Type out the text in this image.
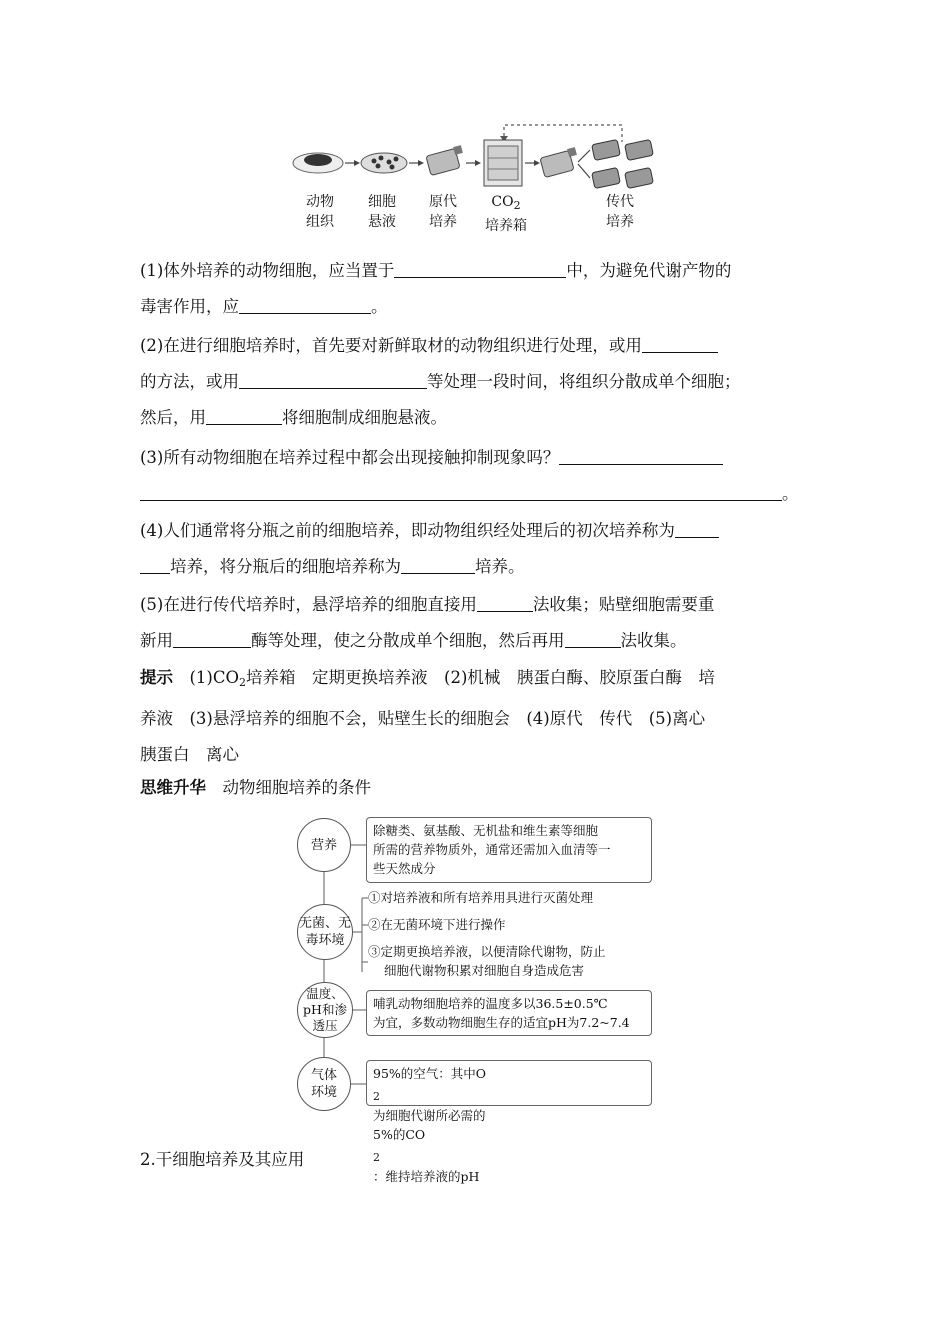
动物
组织
细胞
悬液
原代
培养
$CO_2$
培养箱
传代
培养
(1)体外培养的动物细胞，应当置于	中，为避免代谢产物的
毒害作用，应	。
(2)在进行细胞培养时，首先要对新鲜取材的动物组织进行处理，或用
的方法，或用	等处理一段时间，将组织分散成单个细胞；
然后，用	将细胞制成细胞悬液。
(3)所有动物细胞在培养过程中都会出现接触抑制现象吗？
。
(4)人们通常将分瓶之前的细胞培养，即动物组织经处理后的初次培养称为
培养，将分瓶后的细胞培养称为	培养。
(5)在进行传代培养时，悬浮培养的细胞直接用	法收集；贴壁细胞需要重
新用	酶等处理，使之分散成单个细胞，然后再用	法收集。
提示　 $(1)CO_2$培养箱　定期更换培养液　(2)机械　胰蛋白酶、胶原蛋白酶　培
养液　(3)悬浮培养的细胞不会，贴壁生长的细胞会　(4)原代　传代　(5)离心
胰蛋白　离心
思维升华　 动物细胞培养的条件
营养
无菌、无
毒环境
温度、
pH和渗
透压
气体
环境
除糖类、氨基酸、无机盐和维生素等细胞
所需的营养物质外，通常还需加入血清等一
些天然成分
①对培养液和所有培养用具进行灭菌处理
②在无菌环境下进行操作
③定期更换培养液，以便清除代谢物，防止
细胞代谢物积累对细胞自身造成危害
哺乳动物细胞培养的温度多以36.5±0.5℃
为宜，多数动物细胞生存的适宜pH为7.2~7.4
95%的空气：其中O
$_2$
为细胞代谢所必需的
5%的CO
$_2$
：维持培养液的pH
2.干细胞培养及其应用
